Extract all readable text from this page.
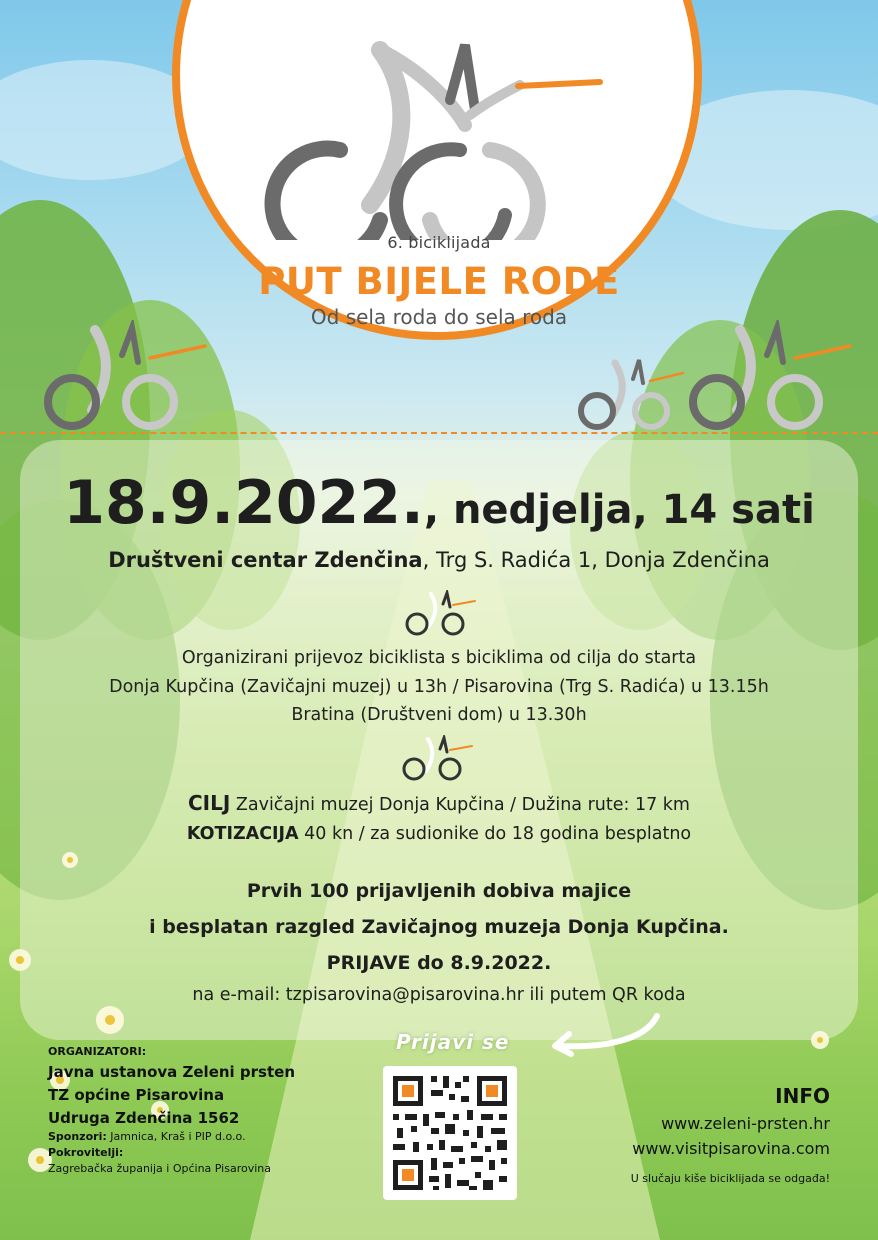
6. biciklijada
PUT BIJELE RODE
Od sela roda do sela roda
18.9.2022., nedjelja, 14 sati
Društveni centar Zdenčina, Trg S. Radića 1, Donja Zdenčina
Organizirani prijevoz biciklista s biciklima od cilja do starta
Donja Kupčina (Zavičajni muzej) u 13h / Pisarovina (Trg S. Radića) u 13.15h
Bratina (Društveni dom) u 13.30h
CILJ Zavičajni muzej Donja Kupčina / Dužina rute: 17 km
KOTIZACIJA 40 kn / za sudionike do 18 godina besplatno
Prvih 100 prijavljenih dobiva majice
i besplatan razgled Zavičajnog muzeja Donja Kupčina.
PRIJAVE do 8.9.2022.
na e-mail: tzpisarovina@pisarovina.hr ili putem QR koda
Prijavi se
ORGANIZATORI:
Javna ustanova Zeleni prsten
TZ općine Pisarovina
Udruga Zdenčina 1562
Sponzori: Jamnica, Kraš i PIP d.o.o.
Pokrovitelji:
Zagrebačka županija i Općina Pisarovina
INFO
www.zeleni-prsten.hr
www.visitpisarovina.com
U slučaju kiše biciklijada se odgađa!
